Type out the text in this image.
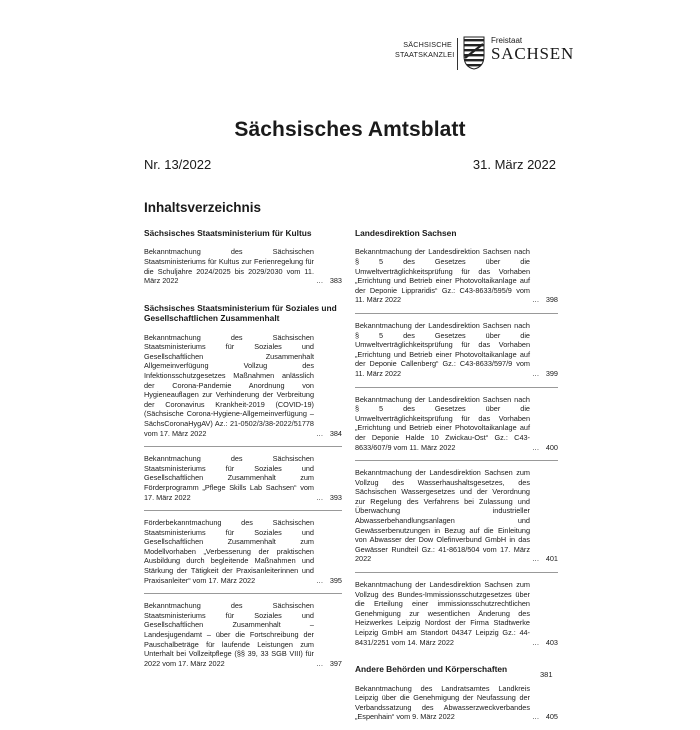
SÄCHSISCHE
STAATSKANZLEI
Freistaat
SACHSEN
Sächsisches Amtsblatt
Nr. 13/2022	31. März 2022
Inhaltsverzeichnis
Sächsisches Staatsministerium für Kultus
Bekanntmachung des Sächsischen Staatsministeriums für Kultus zur Ferienregelung für die Schuljahre 2024/2025 bis 2029/2030 vom 11. März 2022	… 383
Sächsisches Staatsministerium für Soziales und Gesellschaftlichen Zusammenhalt
Bekanntmachung des Sächsischen Staatsministeriums für Soziales und Gesellschaftlichen Zusammenhalt Allgemeinverfügung Vollzug des Infektionsschutzgesetzes Maßnahmen anlässlich der Corona-Pandemie Anordnung von Hygieneauflagen zur Verhinderung der Verbreitung der Coronavirus Krankheit-2019 (COVID-19) (Sächsische Corona-Hygiene-Allgemeinverfügung – SächsCoronaHygAV) Az.: 21-0502/3/38-2022/51778 vom 17. März 2022	… 384
Bekanntmachung des Sächsischen Staatsministeriums für Soziales und Gesellschaftlichen Zusammenhalt zum Förderprogramm „Pflege Skills Lab Sachsen“ vom 17. März 2022	… 393
Förderbekanntmachung des Sächsischen Staatsministeriums für Soziales und Gesellschaftlichen Zusammenhalt zum Modellvorhaben „Verbesserung der praktischen Ausbildung durch begleitende Maßnahmen und Stärkung der Tätigkeit der Praxisanleiterinnen und Praxisanleiter“ vom 17. März 2022	… 395
Bekanntmachung des Sächsischen Staatsministeriums für Soziales und Gesellschaftlichen Zusammenhalt – Landesjugendamt – über die Fortschreibung der Pauschalbeträge für laufende Leistungen zum Unterhalt bei Vollzeitpflege (§§ 39, 33 SGB VIII) für 2022 vom 17. März 2022	… 397
Landesdirektion Sachsen
Bekanntmachung der Landesdirektion Sachsen nach § 5 des Gesetzes über die Umweltverträglichkeitsprüfung für das Vorhaben „Errichtung und Betrieb einer Photovoltaikanlage auf der Deponie Lippraridis“ Gz.: C43-8633/595/9 vom 11. März 2022	… 398
Bekanntmachung der Landesdirektion Sachsen nach § 5 des Gesetzes über die Umweltverträglichkeitsprüfung für das Vorhaben „Errichtung und Betrieb einer Photovoltaikanlage auf der Deponie Callenberg“ Gz.: C43-8633/597/9 vom 11. März 2022	… 399
Bekanntmachung der Landesdirektion Sachsen nach § 5 des Gesetzes über die Umweltverträglichkeitsprüfung für das Vorhaben „Errichtung und Betrieb einer Photovoltaikanlage auf der Deponie Halde 10 Zwickau-Ost“ Gz.: C43-8633/607/9 vom 11. März 2022	… 400
Bekanntmachung der Landesdirektion Sachsen zum Vollzug des Wasserhaushaltsgesetzes, des Sächsischen Wassergesetzes und der Verordnung zur Regelung des Verfahrens bei Zulassung und Überwachung industrieller Abwasserbehandlungsanlagen und Gewässerbenutzungen in Bezug auf die Einleitung von Abwasser der Dow Olefinverbund GmbH in das Gewässer Rundteil Gz.: 41-8618/504 vom 17. März 2022	… 401
Bekanntmachung der Landesdirektion Sachsen zum Vollzug des Bundes-Immissionsschutzgesetzes über die Erteilung einer immissionsschutzrechtlichen Genehmigung zur wesentlichen Änderung des Heizwerkes Leipzig Nordost der Firma Stadtwerke Leipzig GmbH am Standort 04347 Leipzig Gz.: 44-8431/2251 vom 14. März 2022	… 403
Andere Behörden und Körperschaften
Bekanntmachung des Landratsamtes Landkreis Leipzig über die Genehmigung der Neufassung der Verbandssatzung des Abwasserzweckverbandes „Espenhain“ vom 9. März 2022	… 405
381
